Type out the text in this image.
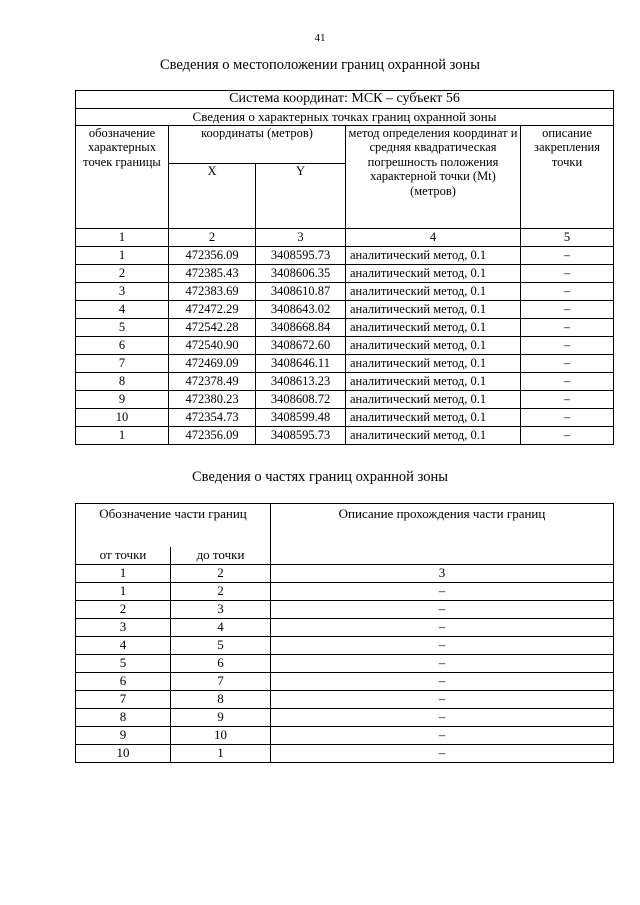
41
Сведения о местоположении границ охранной зоны
Система координат: МСК – субъект 56				
Сведения о характерных точках границ охранной зоны				
обозначение характерных точек границы	координаты (метров)		метод определения координат и средняя квадратическая погрешность положения характерной точки (Mt) (метров)	описание закрепления точки
	X	Y		
1	2	3	4	5
1	472356.09	3408595.73	аналитический метод, 0.1	–
2	472385.43	3408606.35	аналитический метод, 0.1	–
3	472383.69	3408610.87	аналитический метод, 0.1	–
4	472472.29	3408643.02	аналитический метод, 0.1	–
5	472542.28	3408668.84	аналитический метод, 0.1	–
6	472540.90	3408672.60	аналитический метод, 0.1	–
7	472469.09	3408646.11	аналитический метод, 0.1	–
8	472378.49	3408613.23	аналитический метод, 0.1	–
9	472380.23	3408608.72	аналитический метод, 0.1	–
10	472354.73	3408599.48	аналитический метод, 0.1	–
1	472356.09	3408595.73	аналитический метод, 0.1	–
Сведения о частях границ охранной зоны
Обозначение части границ		Описание прохождения части границ
от точки	до точки	
1	2	3
1	2	–
2	3	–
3	4	–
4	5	–
5	6	–
6	7	–
7	8	–
8	9	–
9	10	–
10	1	–
